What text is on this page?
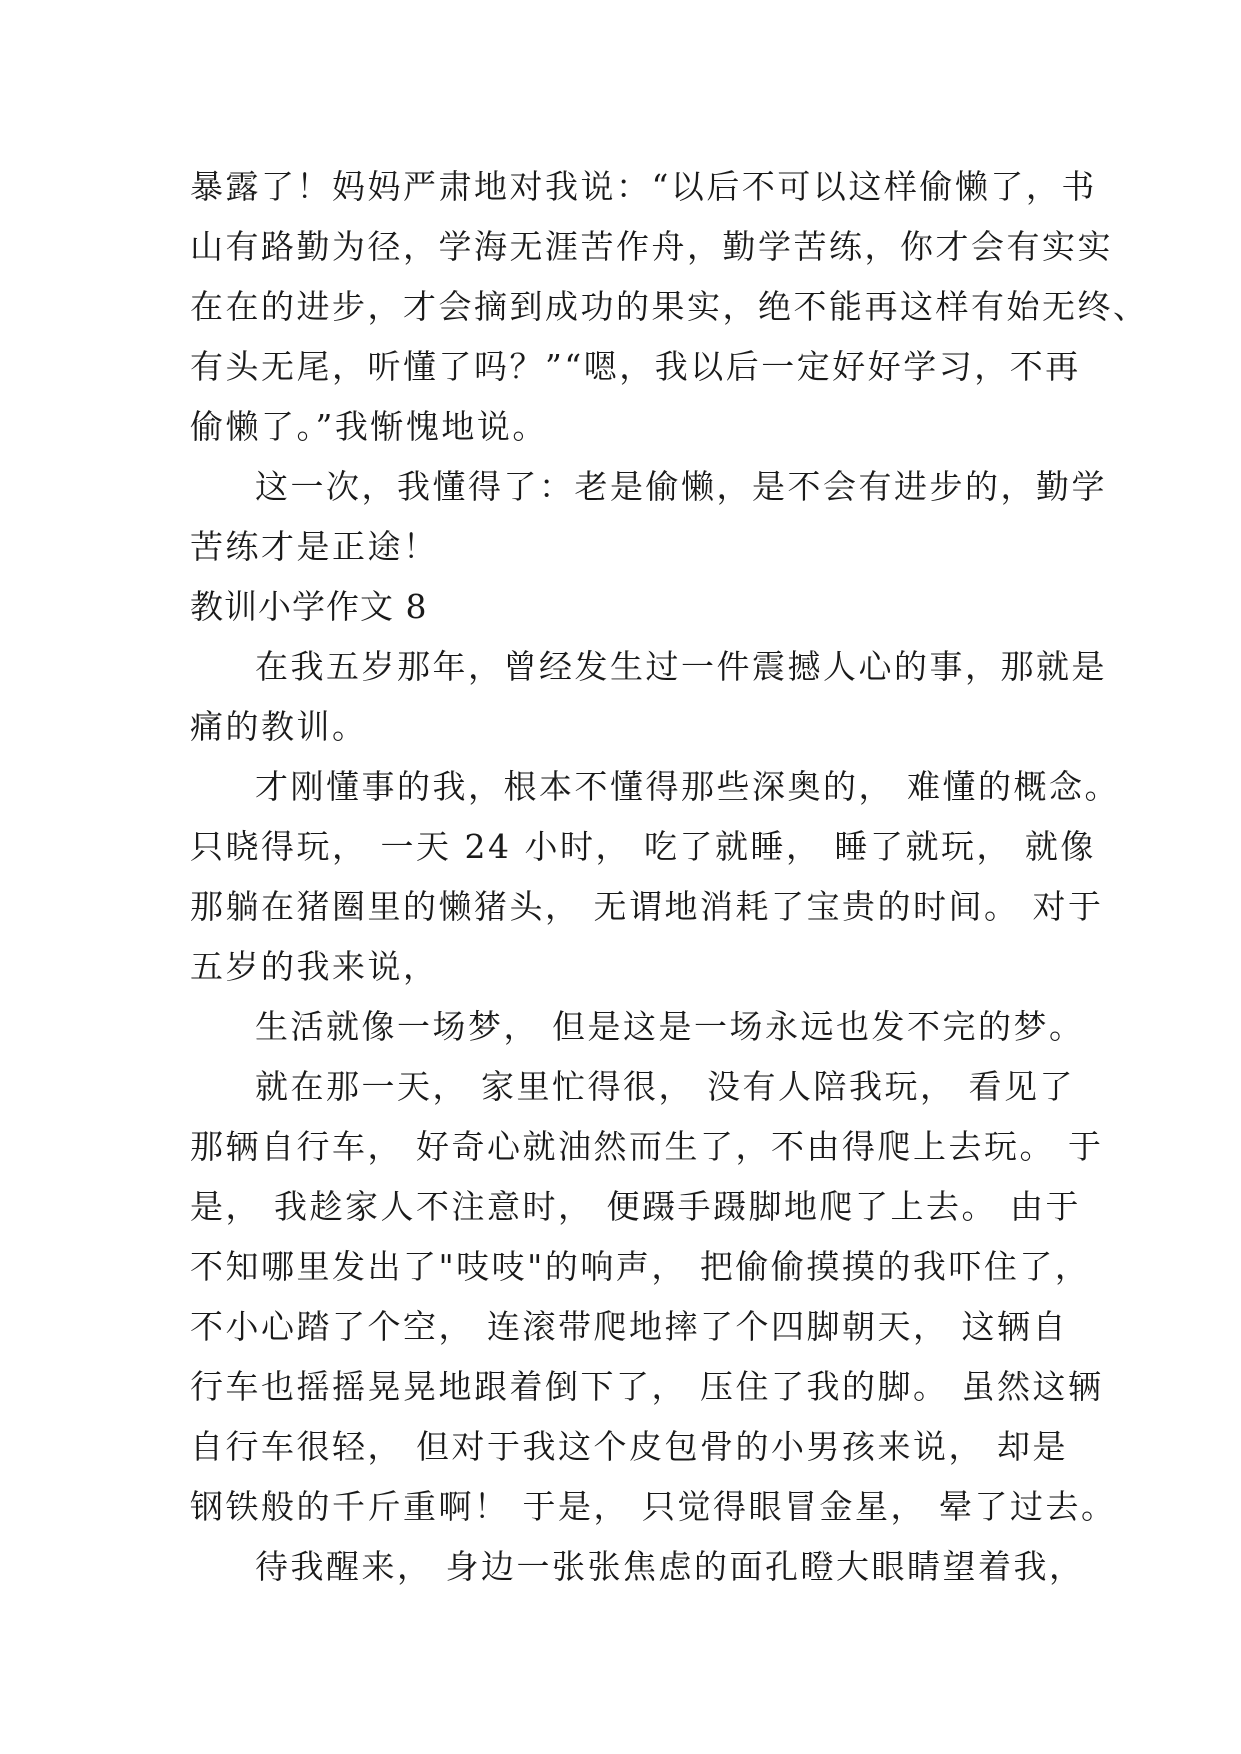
暴露了！妈妈严肃地对我说：“以后不可以这样偷懒了，书
山有路勤为径，学海无涯苦作舟，勤学苦练，你才会有实实
在在的进步，才会摘到成功的果实，绝不能再这样有始无终、
有头无尾，听懂了吗？”“嗯，我以后一定好好学习，不再
偷懒了。”我惭愧地说。
这一次，我懂得了：老是偷懒，是不会有进步的，勤学
苦练才是正途！
教训小学作文 8
在我五岁那年，曾经发生过一件震撼人心的事，那就是
痛的教训。
才刚懂事的我，根本不懂得那些深奥的， 难懂的概念。
只晓得玩， 一天 24 小时， 吃了就睡， 睡了就玩， 就像
那躺在猪圈里的懒猪头， 无谓地消耗了宝贵的时间。 对于
五岁的我来说，
生活就像一场梦， 但是这是一场永远也发不完的梦。
就在那一天， 家里忙得很， 没有人陪我玩， 看见了
那辆自行车， 好奇心就油然而生了，不由得爬上去玩。 于
是， 我趁家人不注意时， 便蹑手蹑脚地爬了上去。 由于
不知哪里发出了"吱吱"的响声， 把偷偷摸摸的我吓住了，
不小心踏了个空， 连滚带爬地摔了个四脚朝天， 这辆自
行车也摇摇晃晃地跟着倒下了， 压住了我的脚。 虽然这辆
自行车很轻， 但对于我这个皮包骨的小男孩来说， 却是
钢铁般的千斤重啊！ 于是， 只觉得眼冒金星， 晕了过去。
待我醒来， 身边一张张焦虑的面孔瞪大眼睛望着我，
